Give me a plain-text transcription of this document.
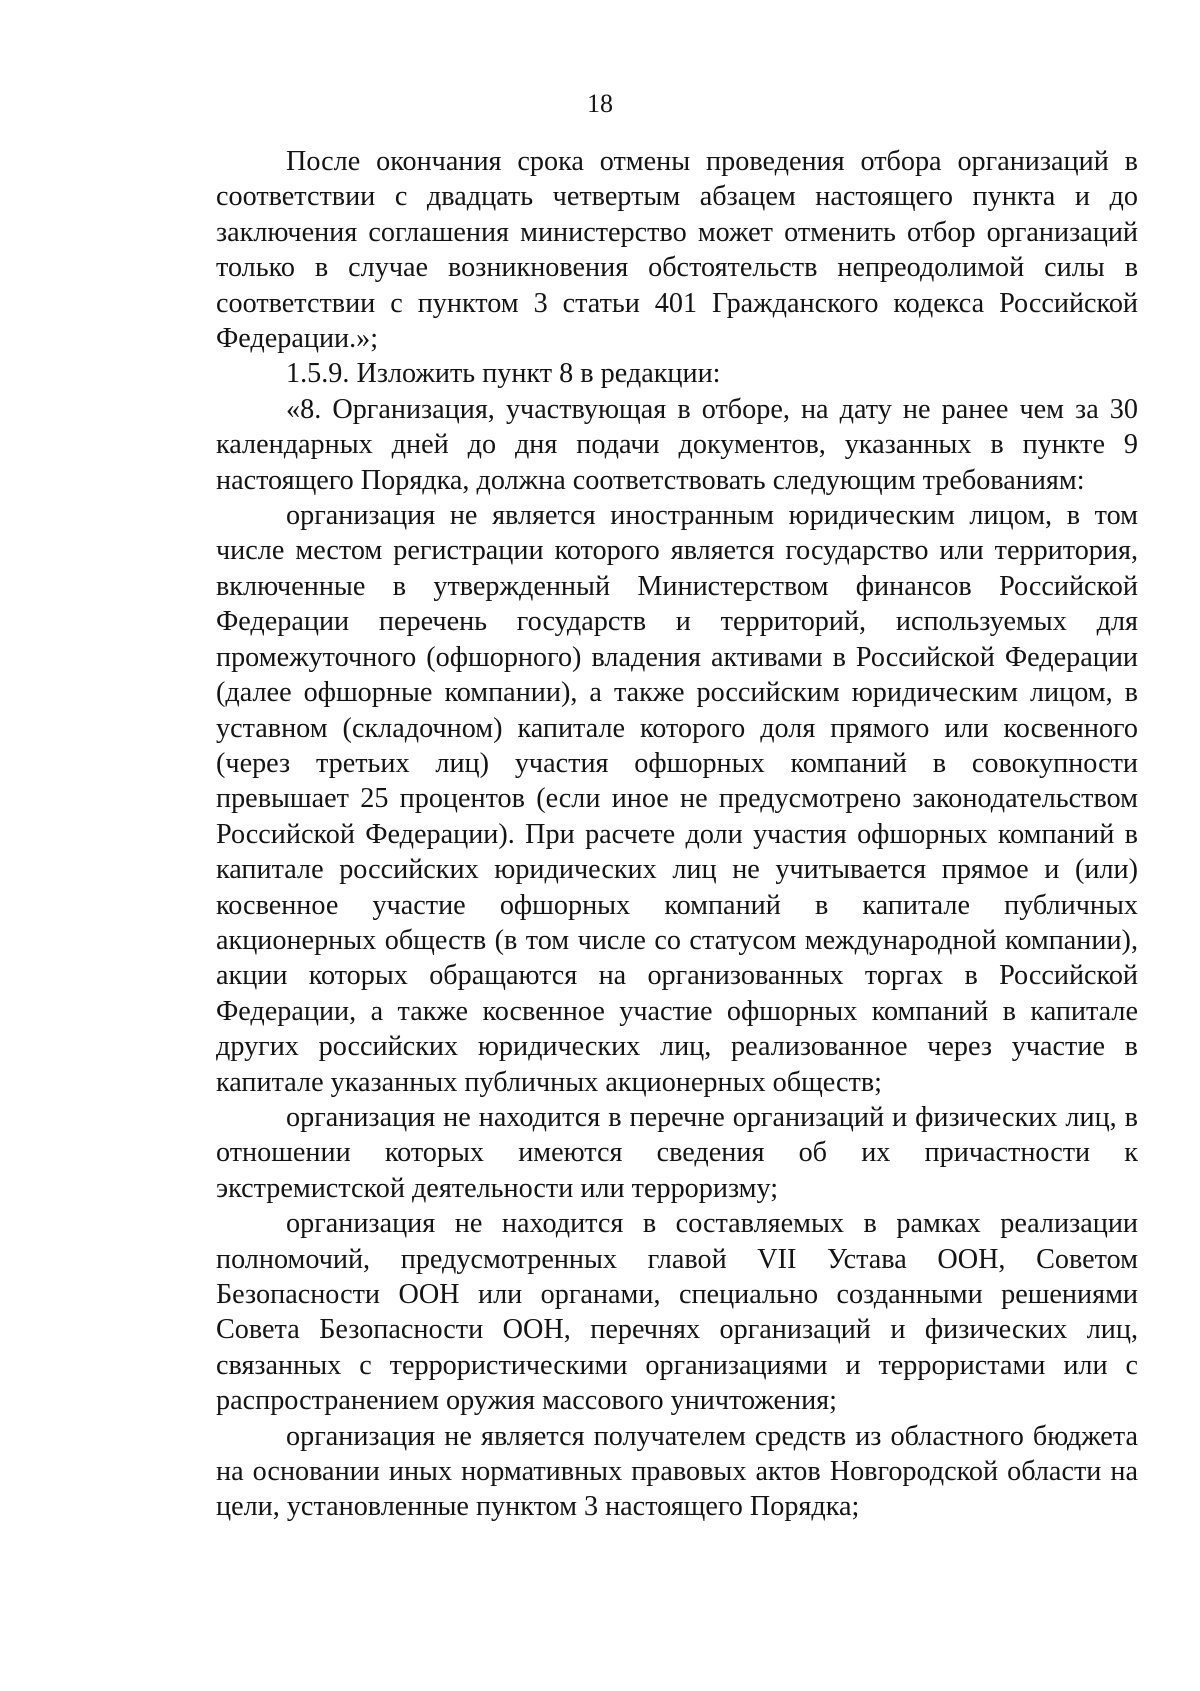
18

После окончания срока отмены проведения отбора организаций в соответствии с двадцать четвертым абзацем настоящего пункта и до заключения соглашения министерство может отменить отбор организаций только в случае возникновения обстоятельств непреодолимой силы в соответствии с пунктом 3 статьи 401 Гражданского кодекса Российской Федерации.»;

1.5.9. Изложить пункт 8 в редакции:

«8. Организация, участвующая в отборе, на дату не ранее чем за 30 календарных дней до дня подачи документов, указанных в пункте 9 настоящего Порядка, должна соответствовать следующим требованиям:

организация не является иностранным юридическим лицом, в том числе местом регистрации которого является государство или территория, включенные в утвержденный Министерством финансов Российской Федерации перечень государств и территорий, используемых для промежуточного (офшорного) владения активами в Российской Федерации (далее офшорные компании), а также российским юридическим лицом, в уставном (складочном) капитале которого доля прямого или косвенного (через третьих лиц) участия офшорных компаний в совокупности превышает 25 процентов (если иное не предусмотрено законодательством Российской Федерации). При расчете доли участия офшорных компаний в капитале российских юридических лиц не учитывается прямое и (или) косвенное участие офшорных компаний в капитале публичных акционерных обществ (в том числе со статусом международной компании), акции которых обращаются на организованных торгах в Российской Федерации, а также косвенное участие офшорных компаний в капитале других российских юридических лиц, реализованное через участие в капитале указанных публичных акционерных обществ;

организация не находится в перечне организаций и физических лиц, в отношении которых имеются сведения об их причастности к экстремистской деятельности или терроризму;

организация не находится в составляемых в рамках реализации полномочий, предусмотренных главой VII Устава ООН, Советом Безопасности ООН или органами, специально созданными решениями Совета Безопасности ООН, перечнях организаций и физических лиц, связанных с террористическими организациями и террористами или с распространением оружия массового уничтожения;

организация не является получателем средств из областного бюджета на основании иных нормативных правовых актов Новгородской области на цели, установленные пунктом 3 настоящего Порядка;
